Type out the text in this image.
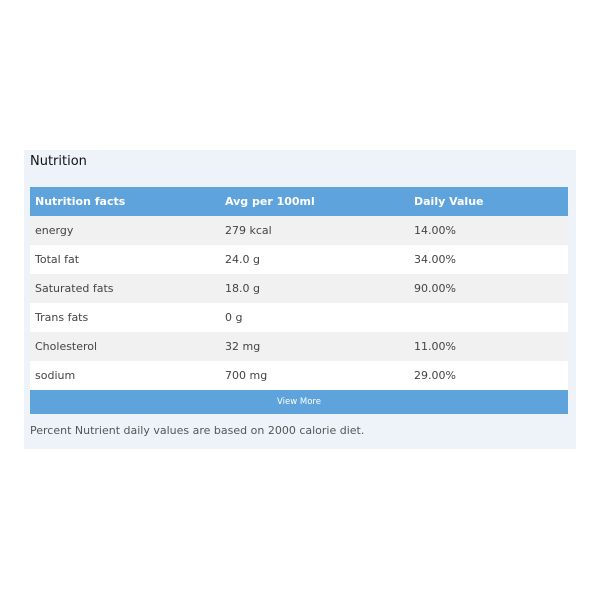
Nutrition
Nutrition facts	Avg per 100ml	Daily Value
energy	279 kcal	14.00%
Total fat	24.0 g	34.00%
Saturated fats	18.0 g	90.00%
Trans fats	0 g
Cholesterol	32 mg	11.00%
sodium	700 mg	29.00%
View More
Percent Nutrient daily values are based on 2000 calorie diet.
